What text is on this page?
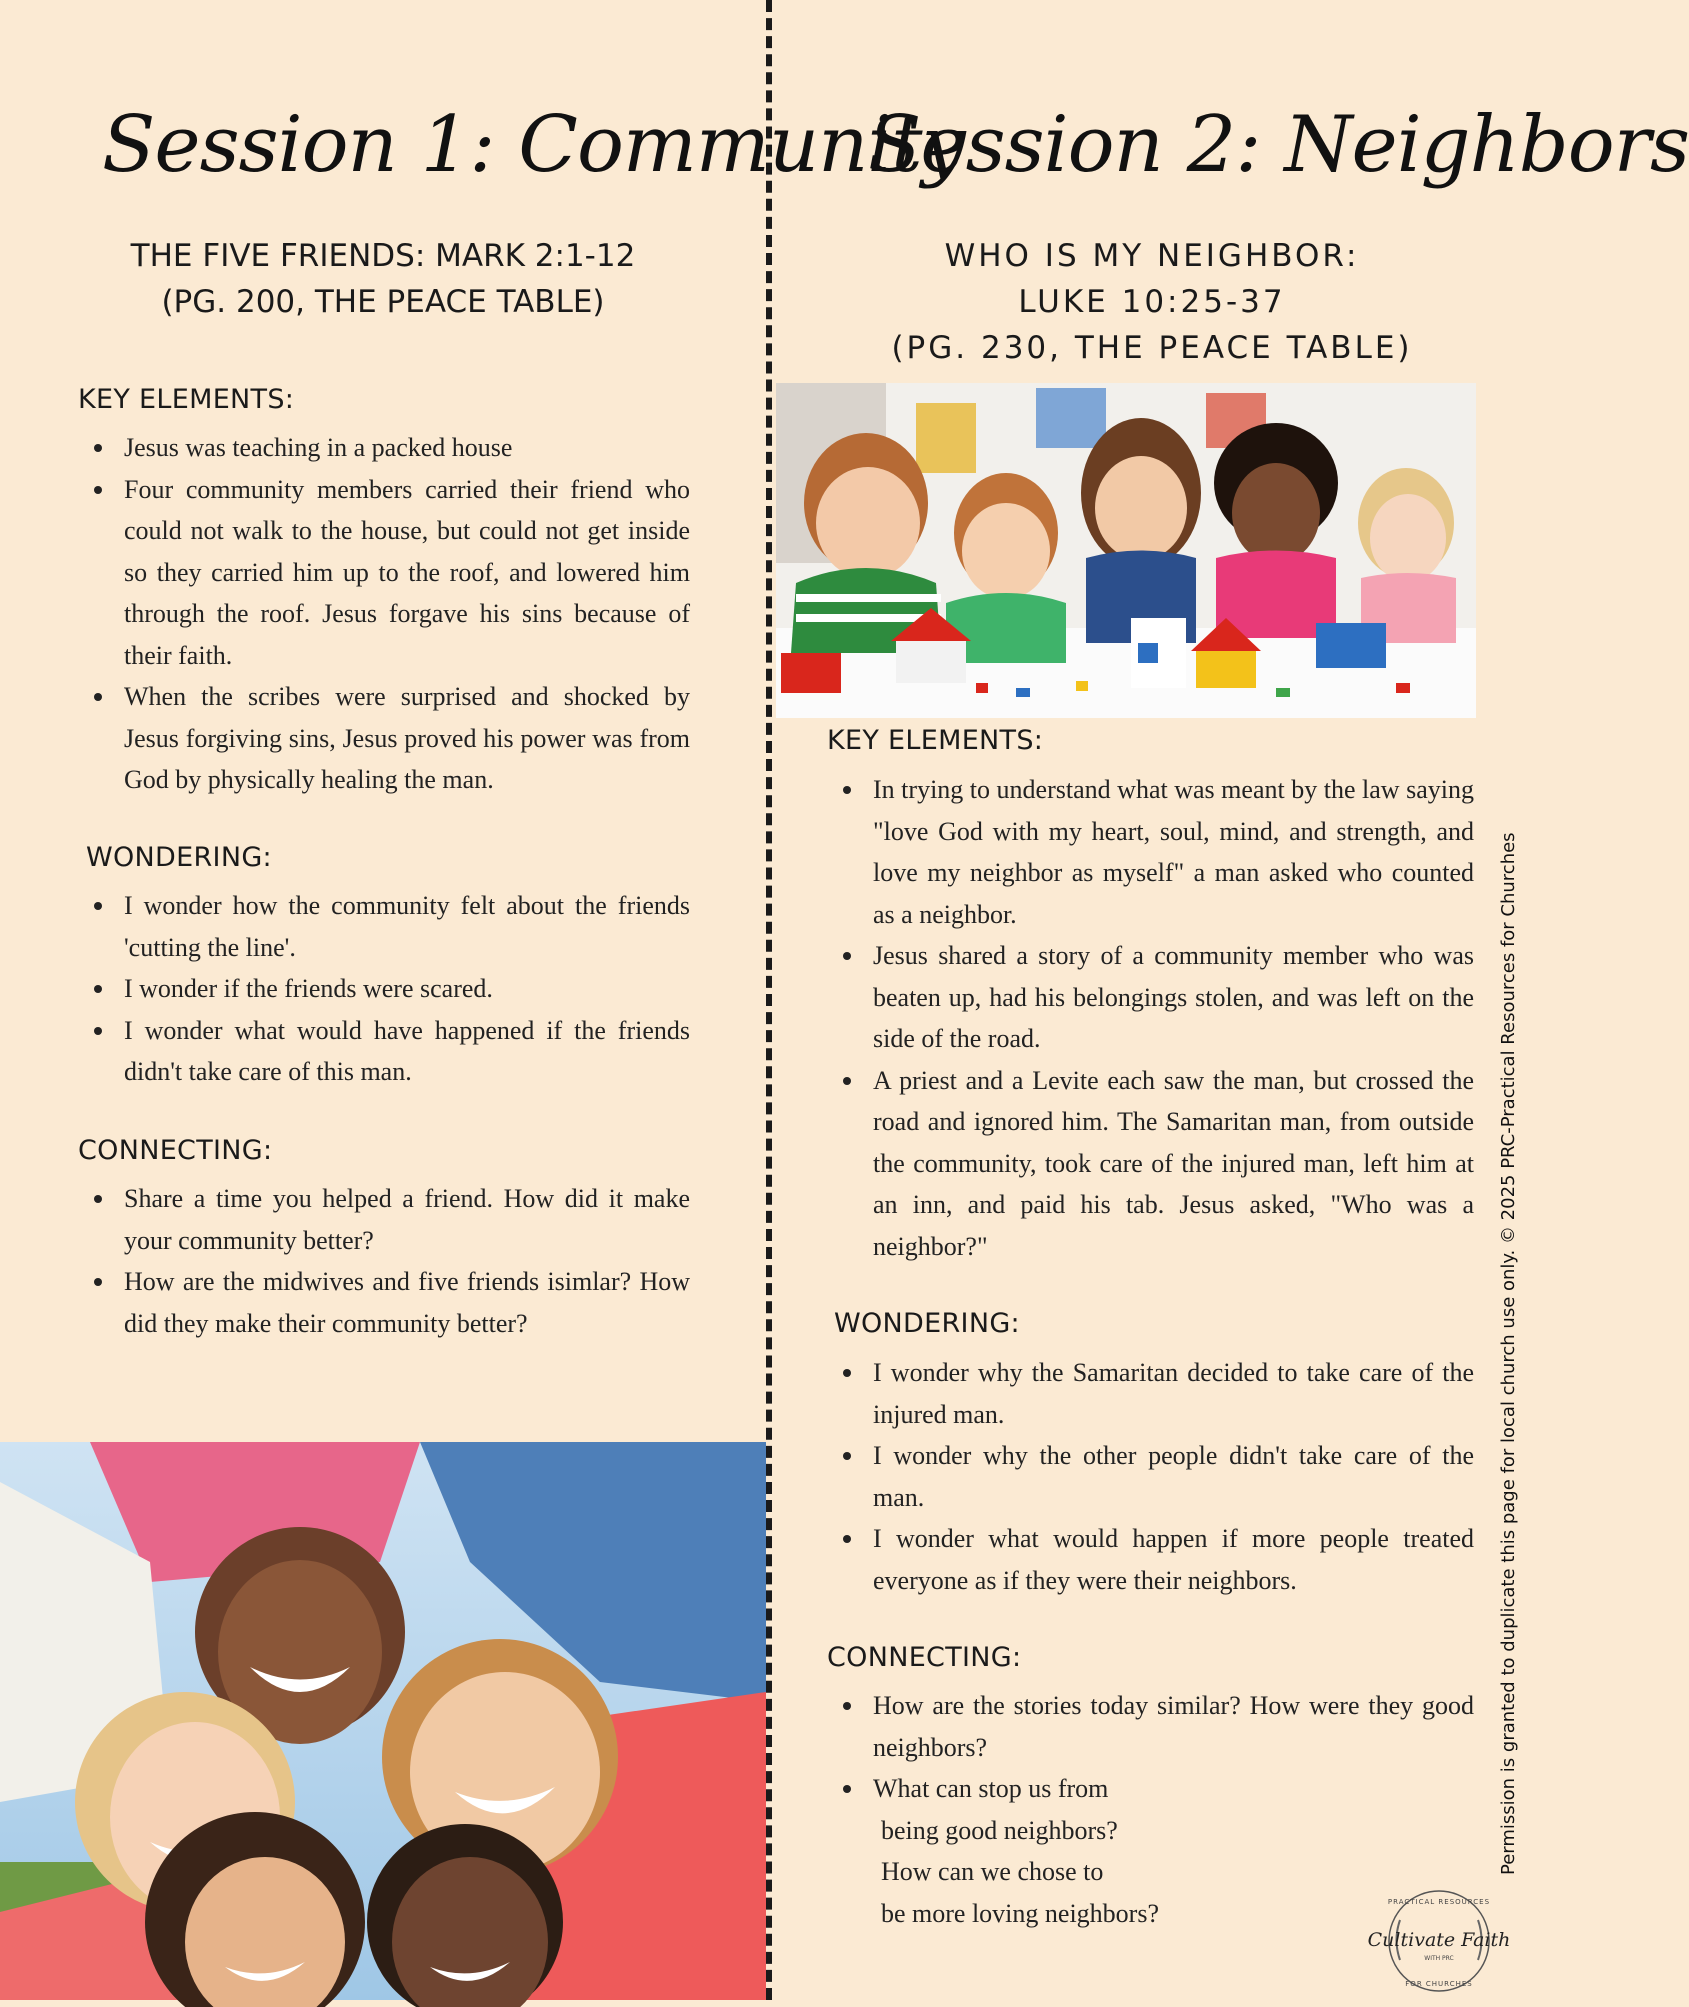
Session 1: Community
THE FIVE FRIENDS: MARK 2:1-12
(PG. 200, THE PEACE TABLE)
KEY ELEMENTS:
Jesus was teaching in a packed house
Four community members carried their friend who could not walk to the house, but could not get inside so they carried him up to the roof, and lowered him through the roof. Jesus forgave his sins because of their faith.
When the scribes were surprised and shocked by Jesus forgiving sins, Jesus proved his power was from God by physically healing the man.
WONDERING:
I wonder how the community felt about the friends 'cutting the line'.
I wonder if the friends were scared.
I wonder what would have happened if the friends didn't take care of this man.
CONNECTING:
Share a time you helped a friend. How did it make your community better?
How are the midwives and five friends isimlar? How did they make their community better?
Session 2: Neighbors
WHO IS MY NEIGHBOR:
LUKE 10:25-37
(PG. 230, THE PEACE TABLE)
KEY ELEMENTS:
In trying to understand what was meant by the law saying "love God with my heart, soul, mind, and strength, and love my neighbor as myself" a man asked who counted as a neighbor.
Jesus shared a story of a community member who was beaten up, had his belongings stolen, and was left on the side of the road.
A priest and a Levite each saw the man, but crossed the road and ignored him. The Samaritan man, from outside the community, took care of the injured man, left him at an inn, and paid his tab. Jesus asked, "Who was a neighbor?"
WONDERING:
I wonder why the Samaritan decided to take care of the injured man.
I wonder why the other people didn't take care of the man.
I wonder what would happen if more people treated everyone as if they were their neighbors.
CONNECTING:
How are the stories today similar? How were they good neighbors?
What can stop us from
being good neighbors?
How can we chose to
be more loving neighbors?
Permission is granted to duplicate this page for local church use only. © 2025 PRC-Practical Resources for Churches
PRACTICAL RESOURCES
Cultivate Faith
WITH PRC
FOR CHURCHES
